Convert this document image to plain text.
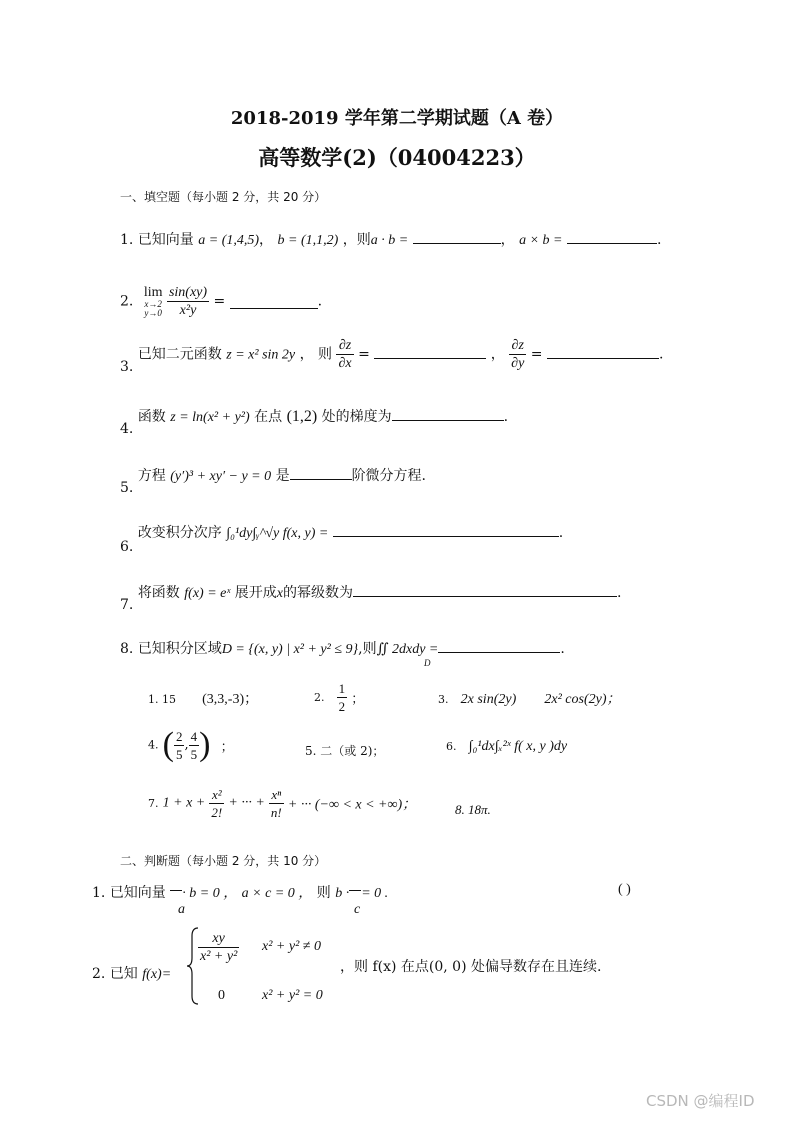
2018-2019 学年第二学期试题（A 卷）
高等数学(2)（04004223）
一、填空题（每小题 2 分，共 20 分）
1. 已知向量 a = (1,4,5)， b = (1,1,2) ，则a · b =	， a × b =	.
2.
lim
x→2
y→0
$\frac{\sin(xy)}{\text{x²y}}$ =	.
3. 已知二元函数 z = x² sin 2y ， 则 $\frac{\partial z}{\partial x}$ =	， $\frac{\partial z}{\partial y}$ =	.
4. 函数 z = ln(x² + y²) 在点 (1,2) 处的梯度为	.
5. 方程 (y′)³ + xy′ − y = 0 是	阶微分方程.
6. 改变积分次序 ∫₀¹dy∫ᵧ^√y f(x, y) =	.
7. 将函数 f(x) = eˣ 展开成x的幂级数为	.
8. 已知积分区域D = {(x, y) | x² + y² ≤ 9},则∬ 2dxdy =	.
D
1. 15 (3,3,-3)；	2. $\frac{1}{2}$ ；	3. 2x sin(2y) 2x² cos(2y)；
4. ( $\frac{2}{5}$ , $\frac{4}{5}$ ) ；	5. 二（或 2)；	6. ∫₀¹dx∫ₓ²ˣ f( x, y )dy
7. $1 + x + \frac{\text{x²}}{2!}$ + ··· + $\frac{\text{xⁿ}}{n!}$ + ··· (−∞ < x < +∞)；	8. 18π.
二、判断题（每小题 2 分，共 10 分）
1. 已知向量 · b = 0 ， a × c = 0 ， 则 b · = 0 .
a	c
( )
2. 已知 f(x)=
$\frac{xy}{\text{x² + y²}} x^2 + y^2 \ne 0$
0	x² + y² = 0
，则 f(x) 在点(0, 0) 处偏导数存在且连续.
CSDN @编程ID
